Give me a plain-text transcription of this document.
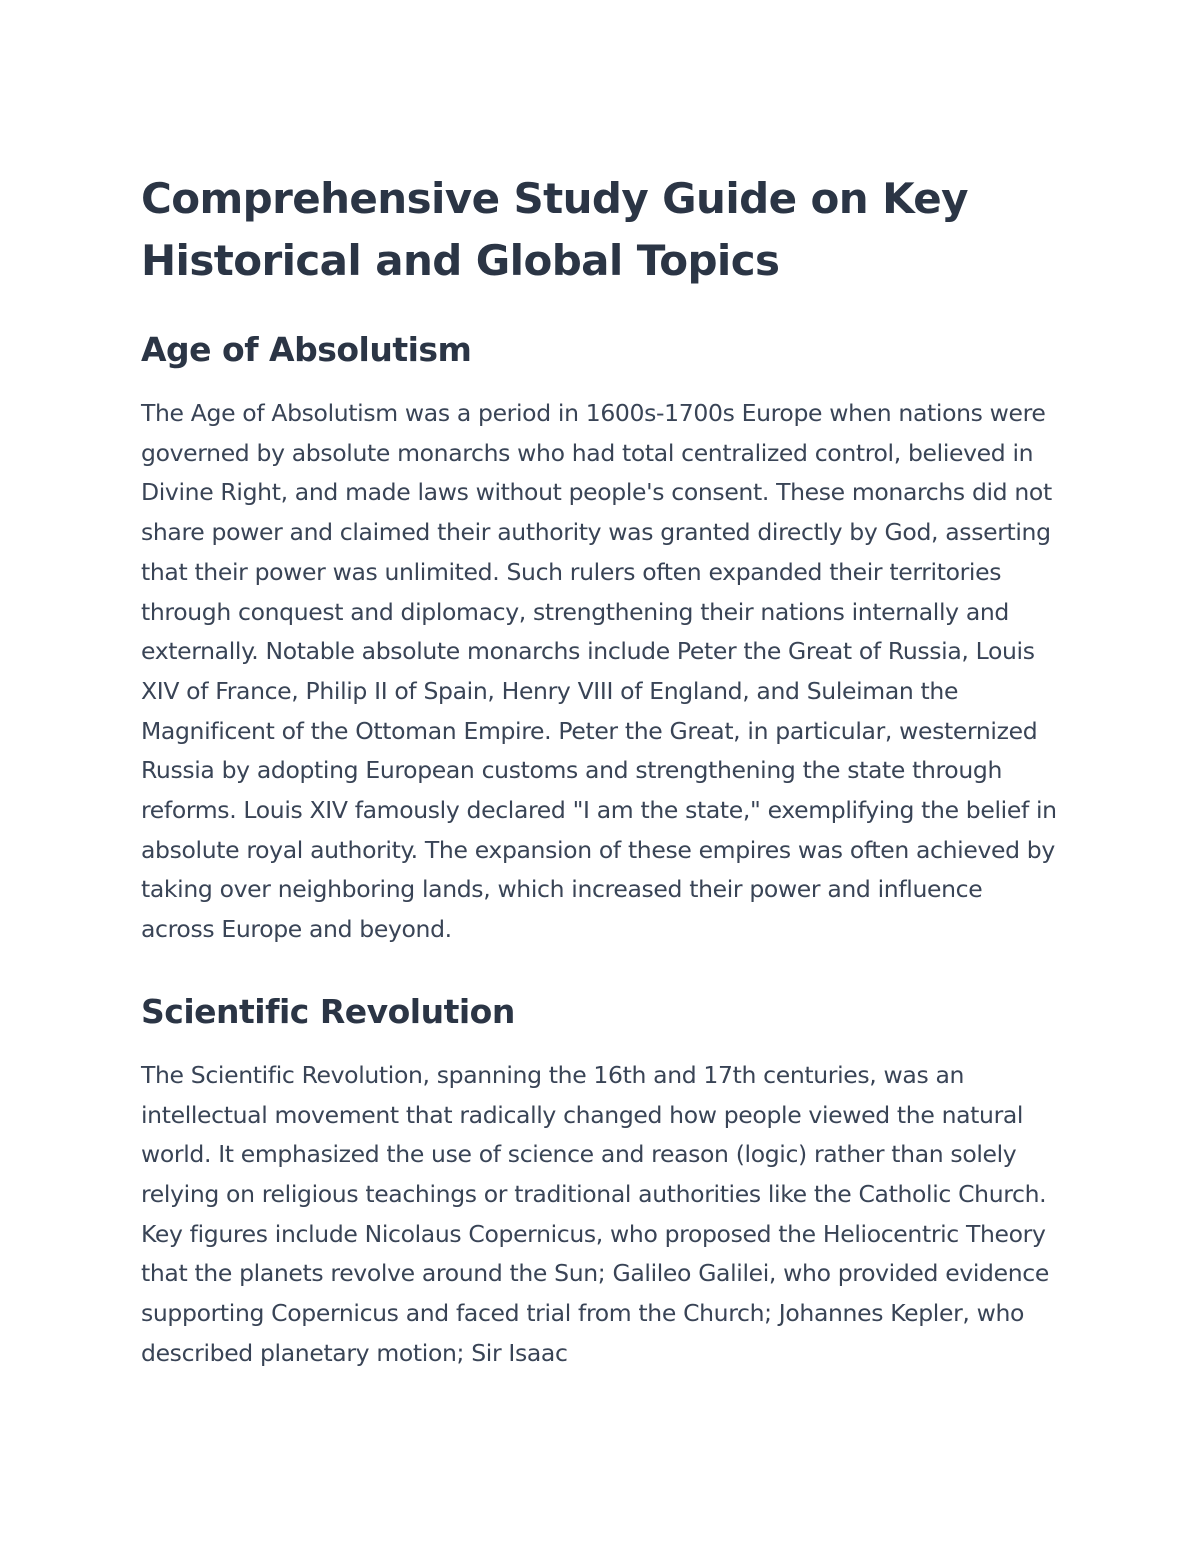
Comprehensive Study Guide on Key Historical and Global Topics
Age of Absolutism

The Age of Absolutism was a period in 1600s-1700s Europe when nations were governed by absolute monarchs who had total centralized control, believed in Divine Right, and made laws without people's consent. These monarchs did not share power and claimed their authority was granted directly by God, asserting that their power was unlimited. Such rulers often expanded their territories through conquest and diplomacy, strengthening their nations internally and externally. Notable absolute monarchs include Peter the Great of Russia, Louis XIV of France, Philip II of Spain, Henry VIII of England, and Suleiman the Magnificent of the Ottoman Empire. Peter the Great, in particular, westernized Russia by adopting European customs and strengthening the state through reforms. Louis XIV famously declared "I am the state," exemplifying the belief in absolute royal authority. The expansion of these empires was often achieved by taking over neighboring lands, which increased their power and influence across Europe and beyond.

Scientific Revolution

The Scientific Revolution, spanning the 16th and 17th centuries, was an intellectual movement that radically changed how people viewed the natural world. It emphasized the use of science and reason (logic) rather than solely relying on religious teachings or traditional authorities like the Catholic Church. Key figures include Nicolaus Copernicus, who proposed the Heliocentric Theory that the planets revolve around the Sun; Galileo Galilei, who provided evidence supporting Copernicus and faced trial from the Church; Johannes Kepler, who described planetary motion; Sir Isaac
